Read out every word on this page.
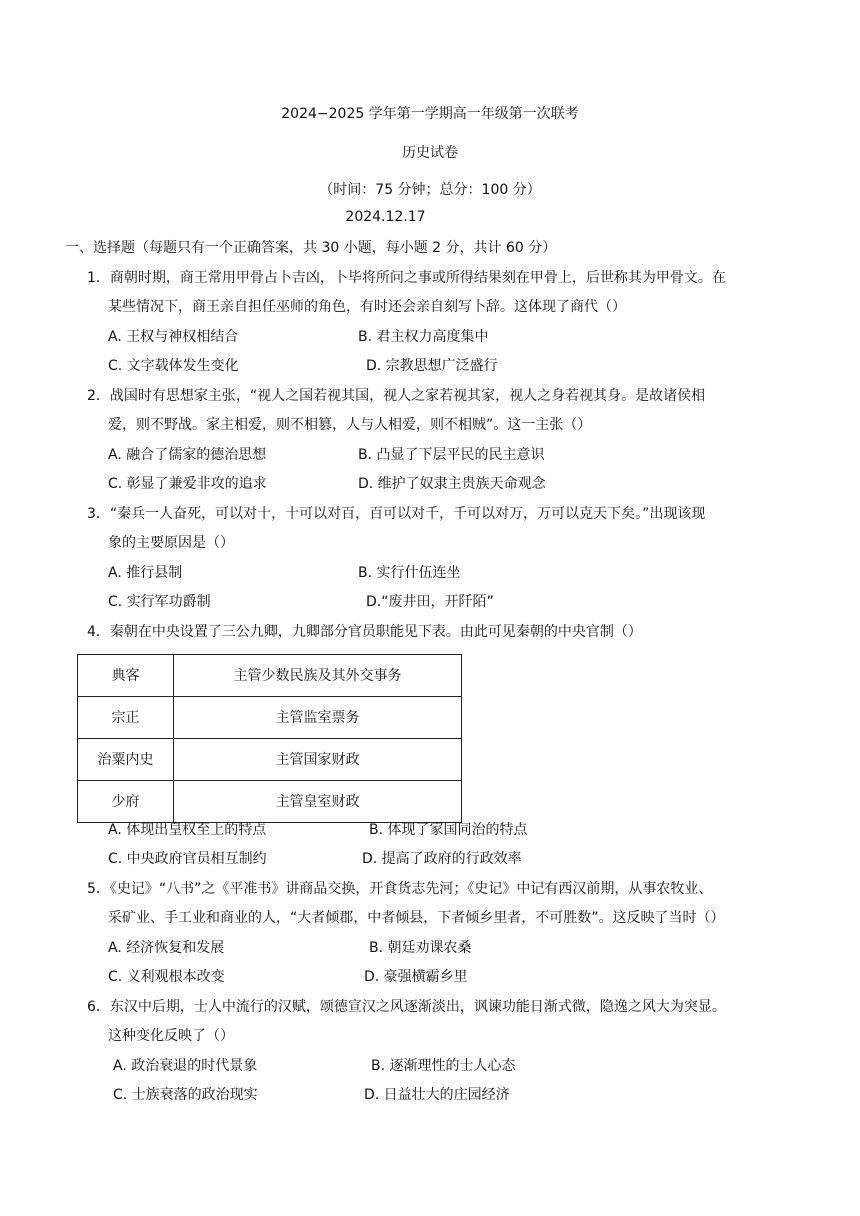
2024−2025 学年第一学期高一年级第一次联考
历史试卷
（时间：75 分钟；总分：100 分）
2024.12.17
一、选择题（每题只有一个正确答案，共 30 小题，每小题 2 分，共计 60 分）
1．商朝时期，商王常用甲骨占卜吉凶，卜毕将所问之事或所得结果刻在甲骨上，后世称其为甲骨文。在
某些情况下，商王亲自担任巫师的角色，有时还会亲自刻写卜辞。这体现了商代（）
A. 王权与神权相结合	B. 君主权力高度集中
C. 文字载体发生变化	D. 宗教思想广泛盛行
2．战国时有思想家主张，“视人之国若视其国，视人之家若视其家，视人之身若视其身。是故诸侯相
爱，则不野战。家主相爱，则不相篡，人与人相爱，则不相贼”。这一主张（）
A. 融合了儒家的德治思想	B. 凸显了下层平民的民主意识
C. 彰显了兼爱非攻的追求	D. 维护了奴隶主贵族天命观念
3．“秦兵一人奋死，可以对十，十可以对百，百可以对千，千可以对万，万可以克天下矣。”出现该现
象的主要原因是（）
A. 推行县制	B. 实行什伍连坐
C. 实行军功爵制	D.“废井田，开阡陌”
4．秦朝在中央设置了三公九卿，九卿部分官员职能见下表。由此可见秦朝的中央官制（）
典客	主管少数民族及其外交事务
宗正	主管监室票务
治粟内史	主管国家财政
少府	主管皇室财政
A. 体现出皇权至上的特点	B. 体现了家国同治的特点
C. 中央政府官员相互制约	D. 提高了政府的行政效率
5．《史记》“八书”之《平准书》讲商品交换，开食货志先河；《史记》中记有西汉前期，从事农牧业、
采矿业、手工业和商业的人，“大者倾郡，中者倾县，下者倾乡里者，不可胜数”。这反映了当时（）
A. 经济恢复和发展	B. 朝廷劝课农桑
C. 义利观根本改变	D. 豪强横霸乡里
6．东汉中后期，士人中流行的汉赋，颂德宣汉之风逐渐淡出，讽谏功能日渐式微，隐逸之风大为突显。
这种变化反映了（）
A. 政治衰退的时代景象	B. 逐渐理性的士人心态
C. 士族衰落的政治现实	D. 日益壮大的庄园经济
